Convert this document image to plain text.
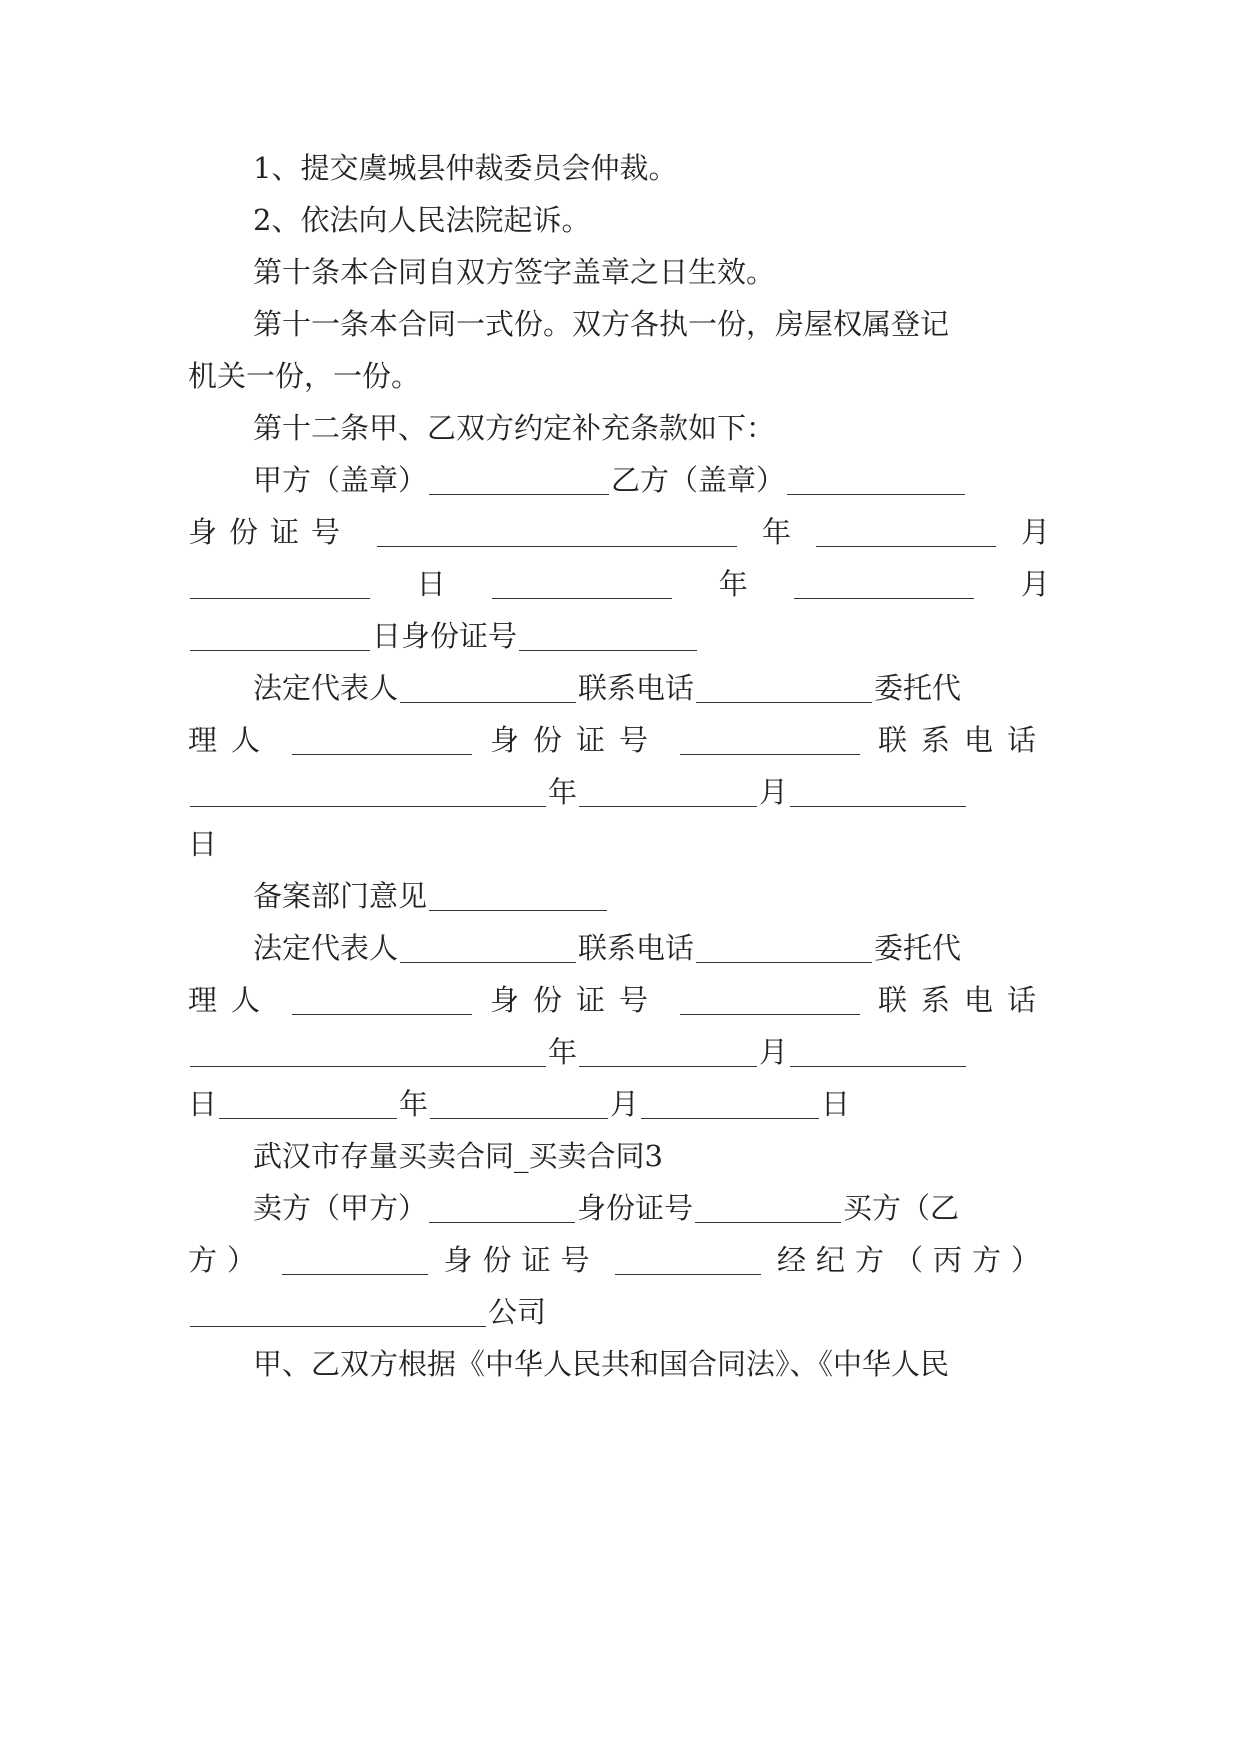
1、提交虞城县仲裁委员会仲裁。
2、依法向人民法院起诉。
第十条本合同自双方签字盖章之日生效。
第十一条本合同一式份。双方各执一份，房屋权属登记
机关一份，一份。
第十二条甲、乙双方约定补充条款如下：
甲方（盖章）	乙方（盖章）
身份证号	年	月
日	年	月
日身份证号
法定代表人	联系电话	委托代
理人	身份证号	联系电话
年	月
日
备案部门意见
法定代表人	联系电话	委托代
理人	身份证号	联系电话
年	月
日	年	月	日
武汉市存量买卖合同_买卖合同3
卖方（甲方）	身份证号	买方（乙
方）	身份证号	经纪方（丙方）
公司
甲、乙双方根据《中华人民共和国合同法》、《中华人民
